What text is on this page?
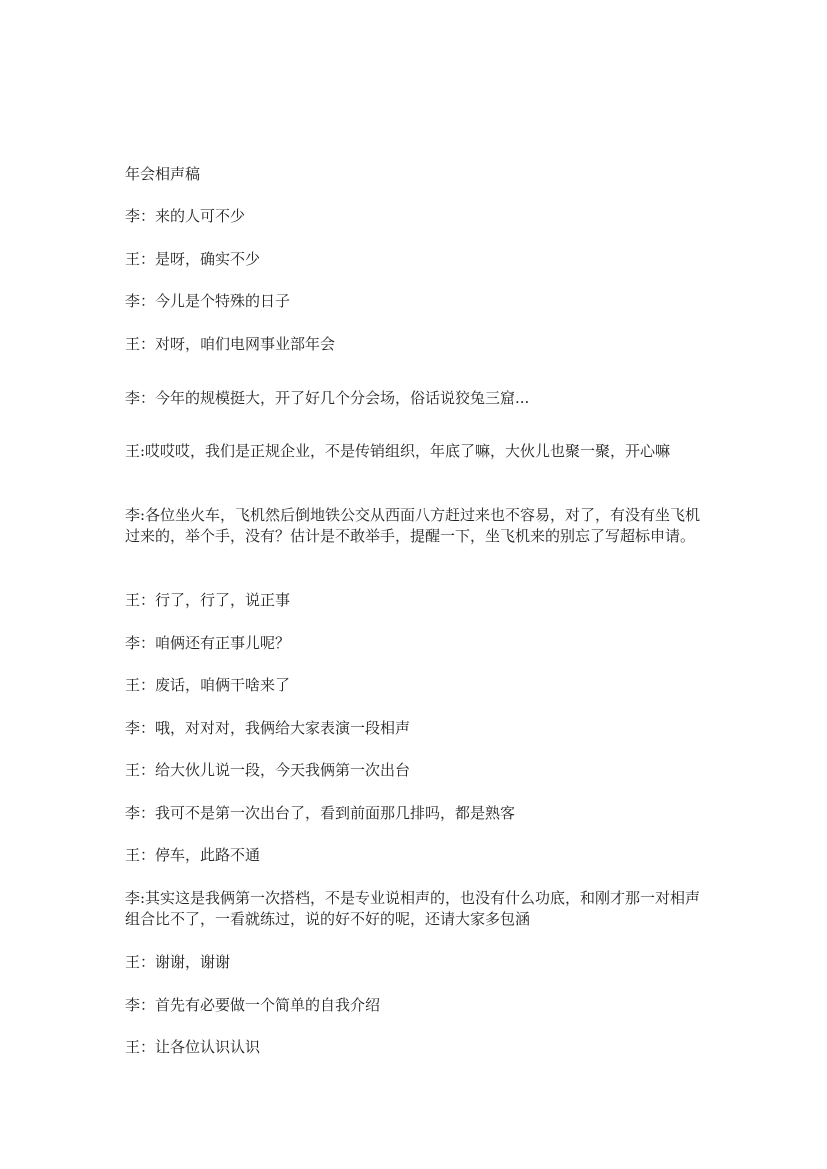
年会相声稿

李：来的人可不少

王：是呀，确实不少

李：今儿是个特殊的日子

王：对呀，咱们电网事业部年会

李：今年的规模挺大，开了好几个分会场，俗话说狡兔三窟...

王:哎哎哎，我们是正规企业，不是传销组织，年底了嘛，大伙儿也聚一聚，开心嘛

李:各位坐火车，飞机然后倒地铁公交从西面八方赶过来也不容易，对了，有没有坐飞机过来的，举个手，没有？估计是不敢举手，提醒一下，坐飞机来的别忘了写超标申请。

王：行了，行了，说正事

李：咱俩还有正事儿呢？

王：废话，咱俩干啥来了

李：哦，对对对，我俩给大家表演一段相声

王：给大伙儿说一段，今天我俩第一次出台

李：我可不是第一次出台了，看到前面那几排吗，都是熟客

王：停车，此路不通

李:其实这是我俩第一次搭档，不是专业说相声的，也没有什么功底，和刚才那一对相声组合比不了，一看就练过，说的好不好的呢，还请大家多包涵

王：谢谢，谢谢

李：首先有必要做一个简单的自我介绍

王：让各位认识认识
